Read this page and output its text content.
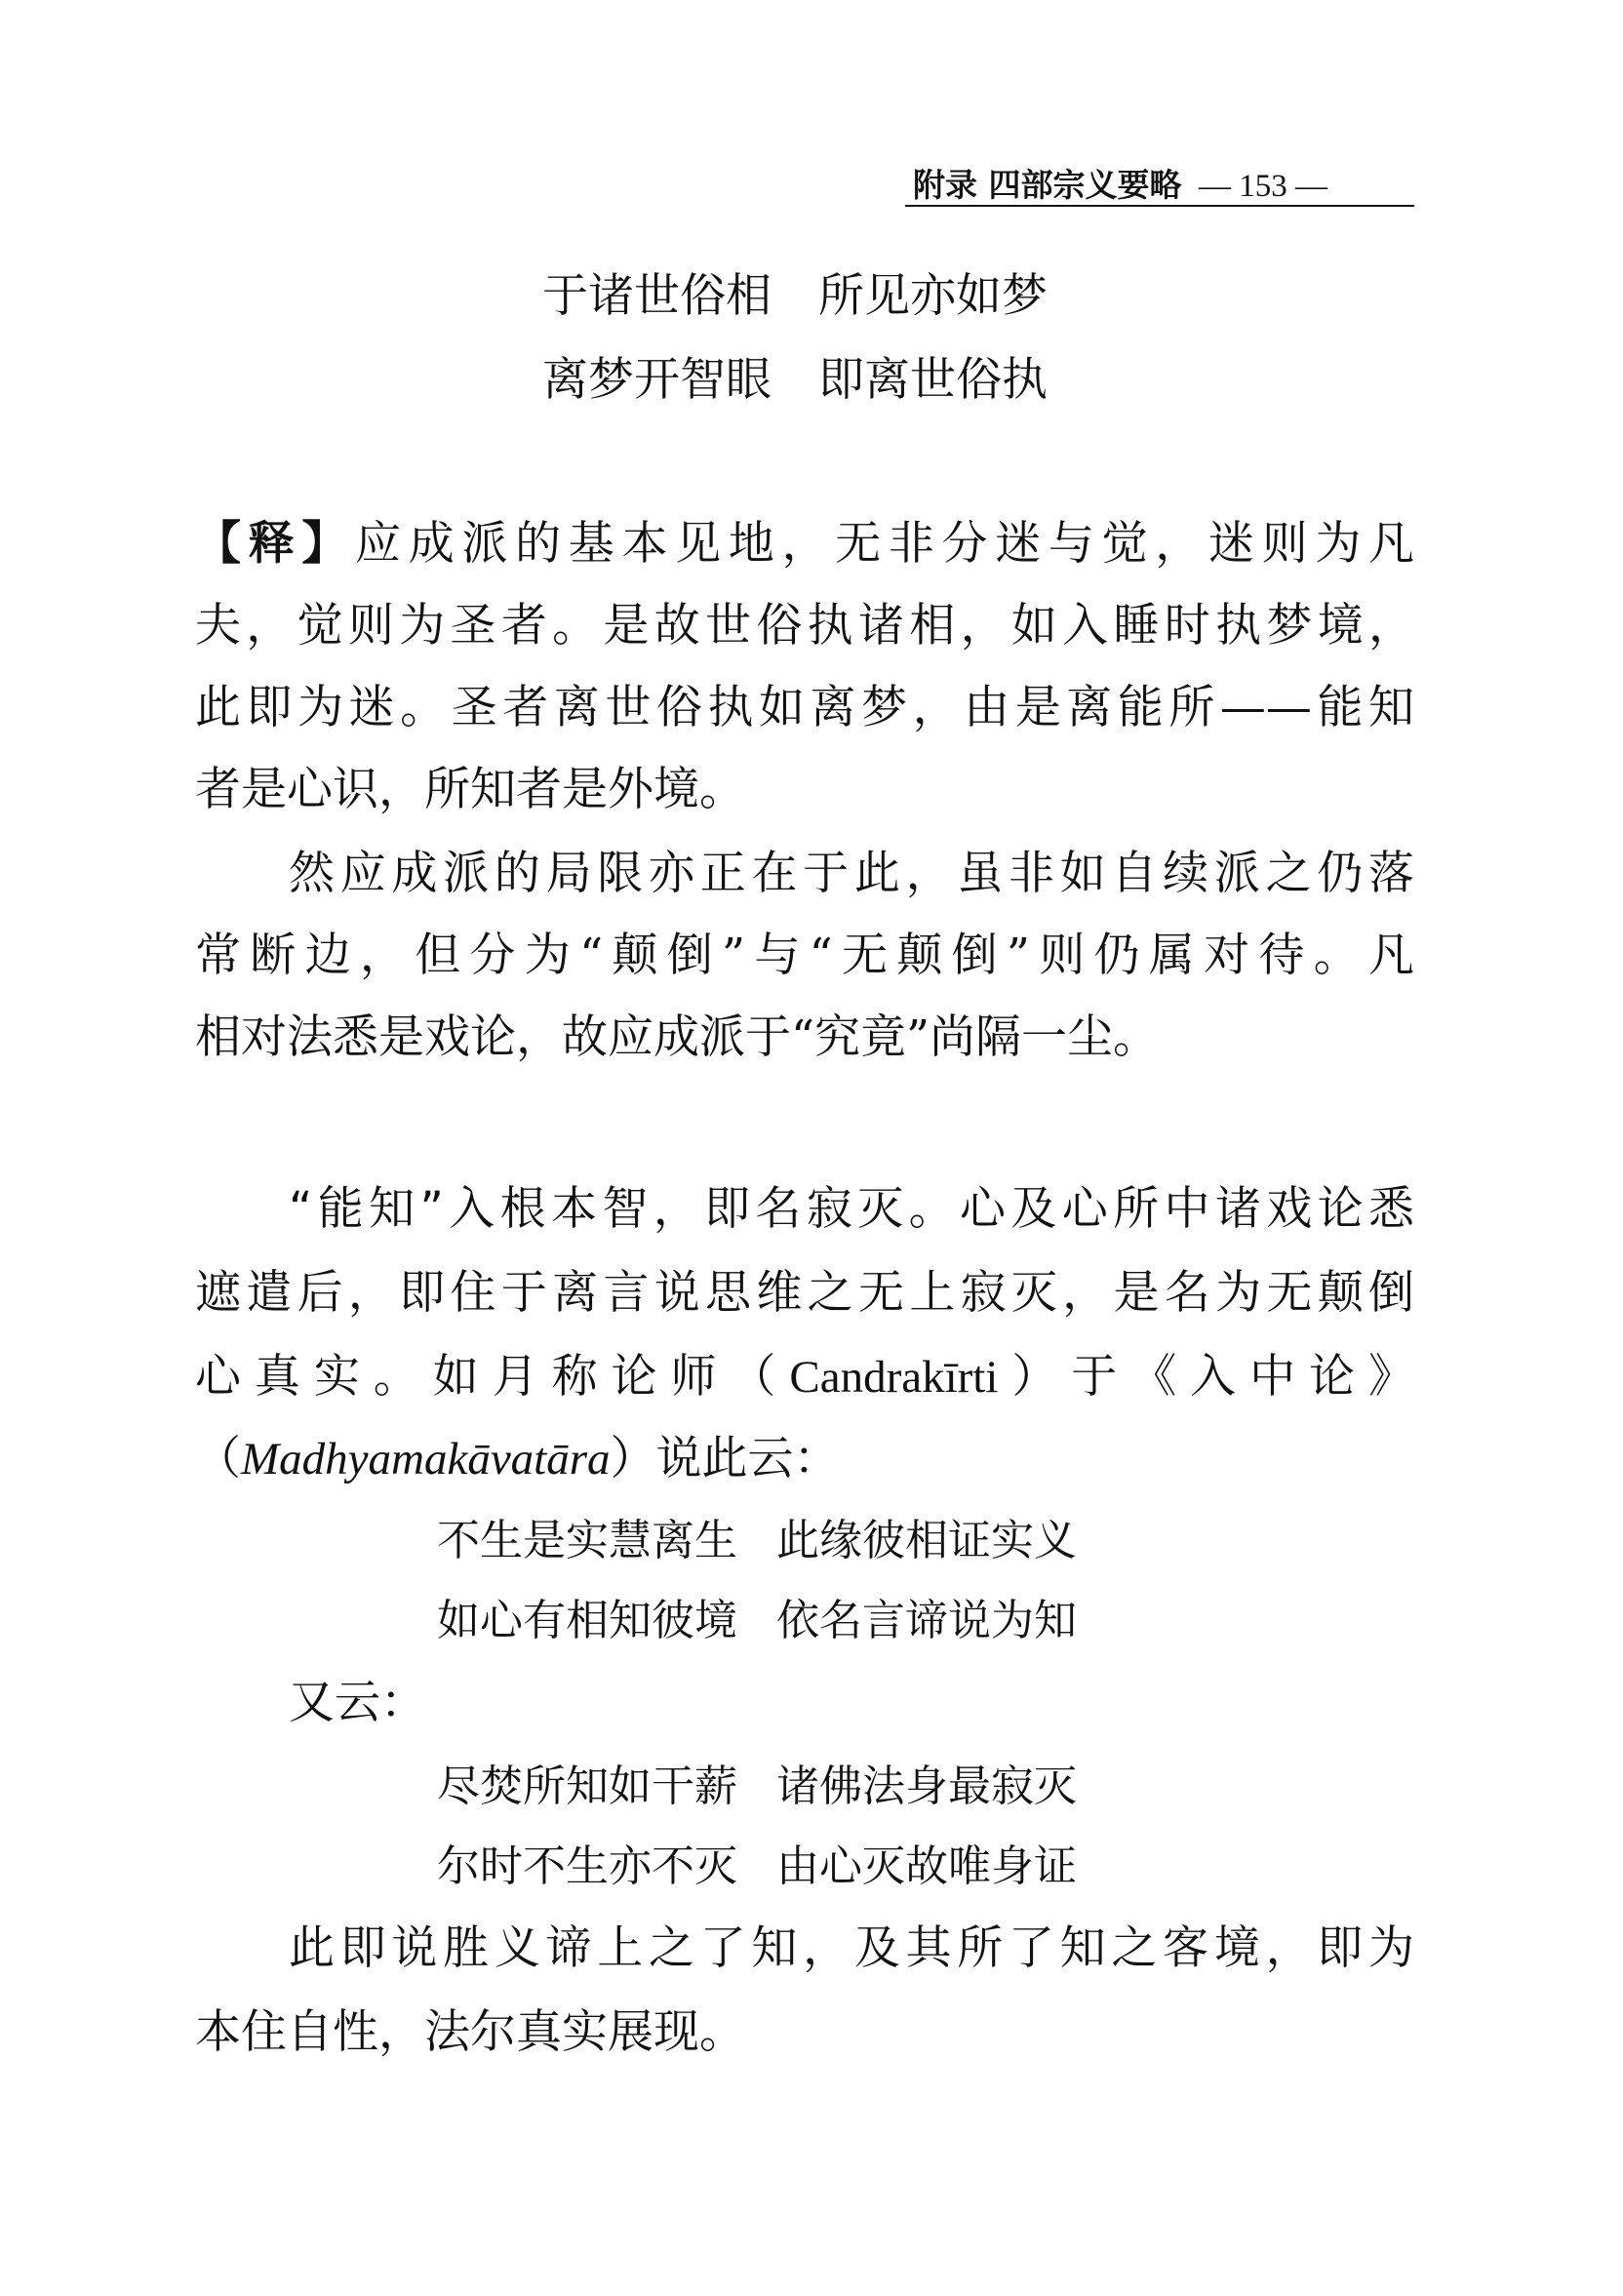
附录 四部宗义要略 — 153 —
于诸世俗相 所见亦如梦
离梦开智眼 即离世俗执
【释】应成派的基本见地，无非分迷与觉，迷则为凡
夫，觉则为圣者。是故世俗执诸相，如入睡时执梦境，
此即为迷。圣者离世俗执如离梦，由是离能所——能知
者是心识，所知者是外境。
然应成派的局限亦正在于此，虽非如自续派之仍落
常断边，但分为“颠倒”与“无颠倒”则仍属对待。凡
相对法悉是戏论，故应成派于“究竟”尚隔一尘。
“能知”入根本智，即名寂灭。心及心所中诸戏论悉
遮遣后，即住于离言说思维之无上寂灭，是名为无颠倒
心真实。如月称论师（Candrakīrti）于《入中论》
（Madhyamakāvatāra）说此云：
不生是实慧离生 此缘彼相证实义
如心有相知彼境 依名言谛说为知
又云：
尽焚所知如干薪 诸佛法身最寂灭
尔时不生亦不灭 由心灭故唯身证
此即说胜义谛上之了知，及其所了知之客境，即为
本住自性，法尔真实展现。
